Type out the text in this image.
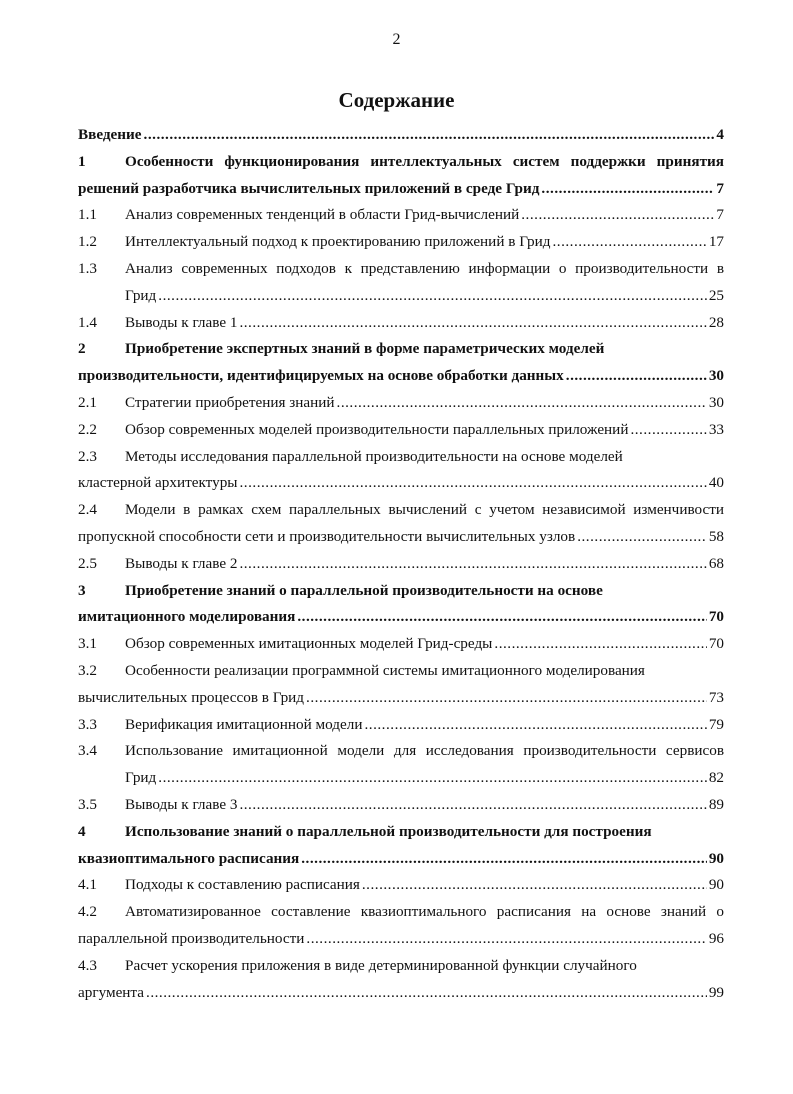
2
Содержание
Введение .....	4
1	Особенности функционирования интеллектуальных систем поддержки принятия
решений разработчика вычислительных приложений в среде Грид .....	7
1.1	Анализ современных тенденций в области Грид-вычислений .....	7
1.2	Интеллектуальный подход к проектированию приложений в Грид .....	17
1.3	Анализ современных подходов к представлению информации о производительности в
Грид .....	25
1.4	Выводы к главе 1 .....	28
2	Приобретение экспертных знаний в форме параметрических моделей
производительности, идентифицируемых на основе обработки данных .....	30
2.1	Стратегии приобретения знаний .....	30
2.2	Обзор современных моделей производительности параллельных приложений .....	33
2.3	Методы исследования параллельной производительности на основе моделей
кластерной архитектуры .....	40
2.4	Модели в рамках схем параллельных вычислений с учетом независимой изменчивости
пропускной способности сети и производительности вычислительных узлов .....	58
2.5	Выводы к главе 2 .....	68
3	Приобретение знаний о параллельной производительности на основе
имитационного моделирования .....	70
3.1	Обзор современных имитационных моделей Грид-среды .....	70
3.2	Особенности реализации программной системы имитационного моделирования
вычислительных процессов в Грид .....	73
3.3	Верификация имитационной модели .....	79
3.4	Использование имитационной модели для исследования производительности сервисов
Грид .....	82
3.5	Выводы к главе 3 .....	89
4	Использование знаний о параллельной производительности для построения
квазиоптимального расписания .....	90
4.1	Подходы к составлению расписания .....	90
4.2	Автоматизированное составление квазиоптимального расписания на основе знаний о
параллельной производительности .....	96
4.3	Расчет ускорения приложения в виде детерминированной функции случайного
аргумента .....	99
